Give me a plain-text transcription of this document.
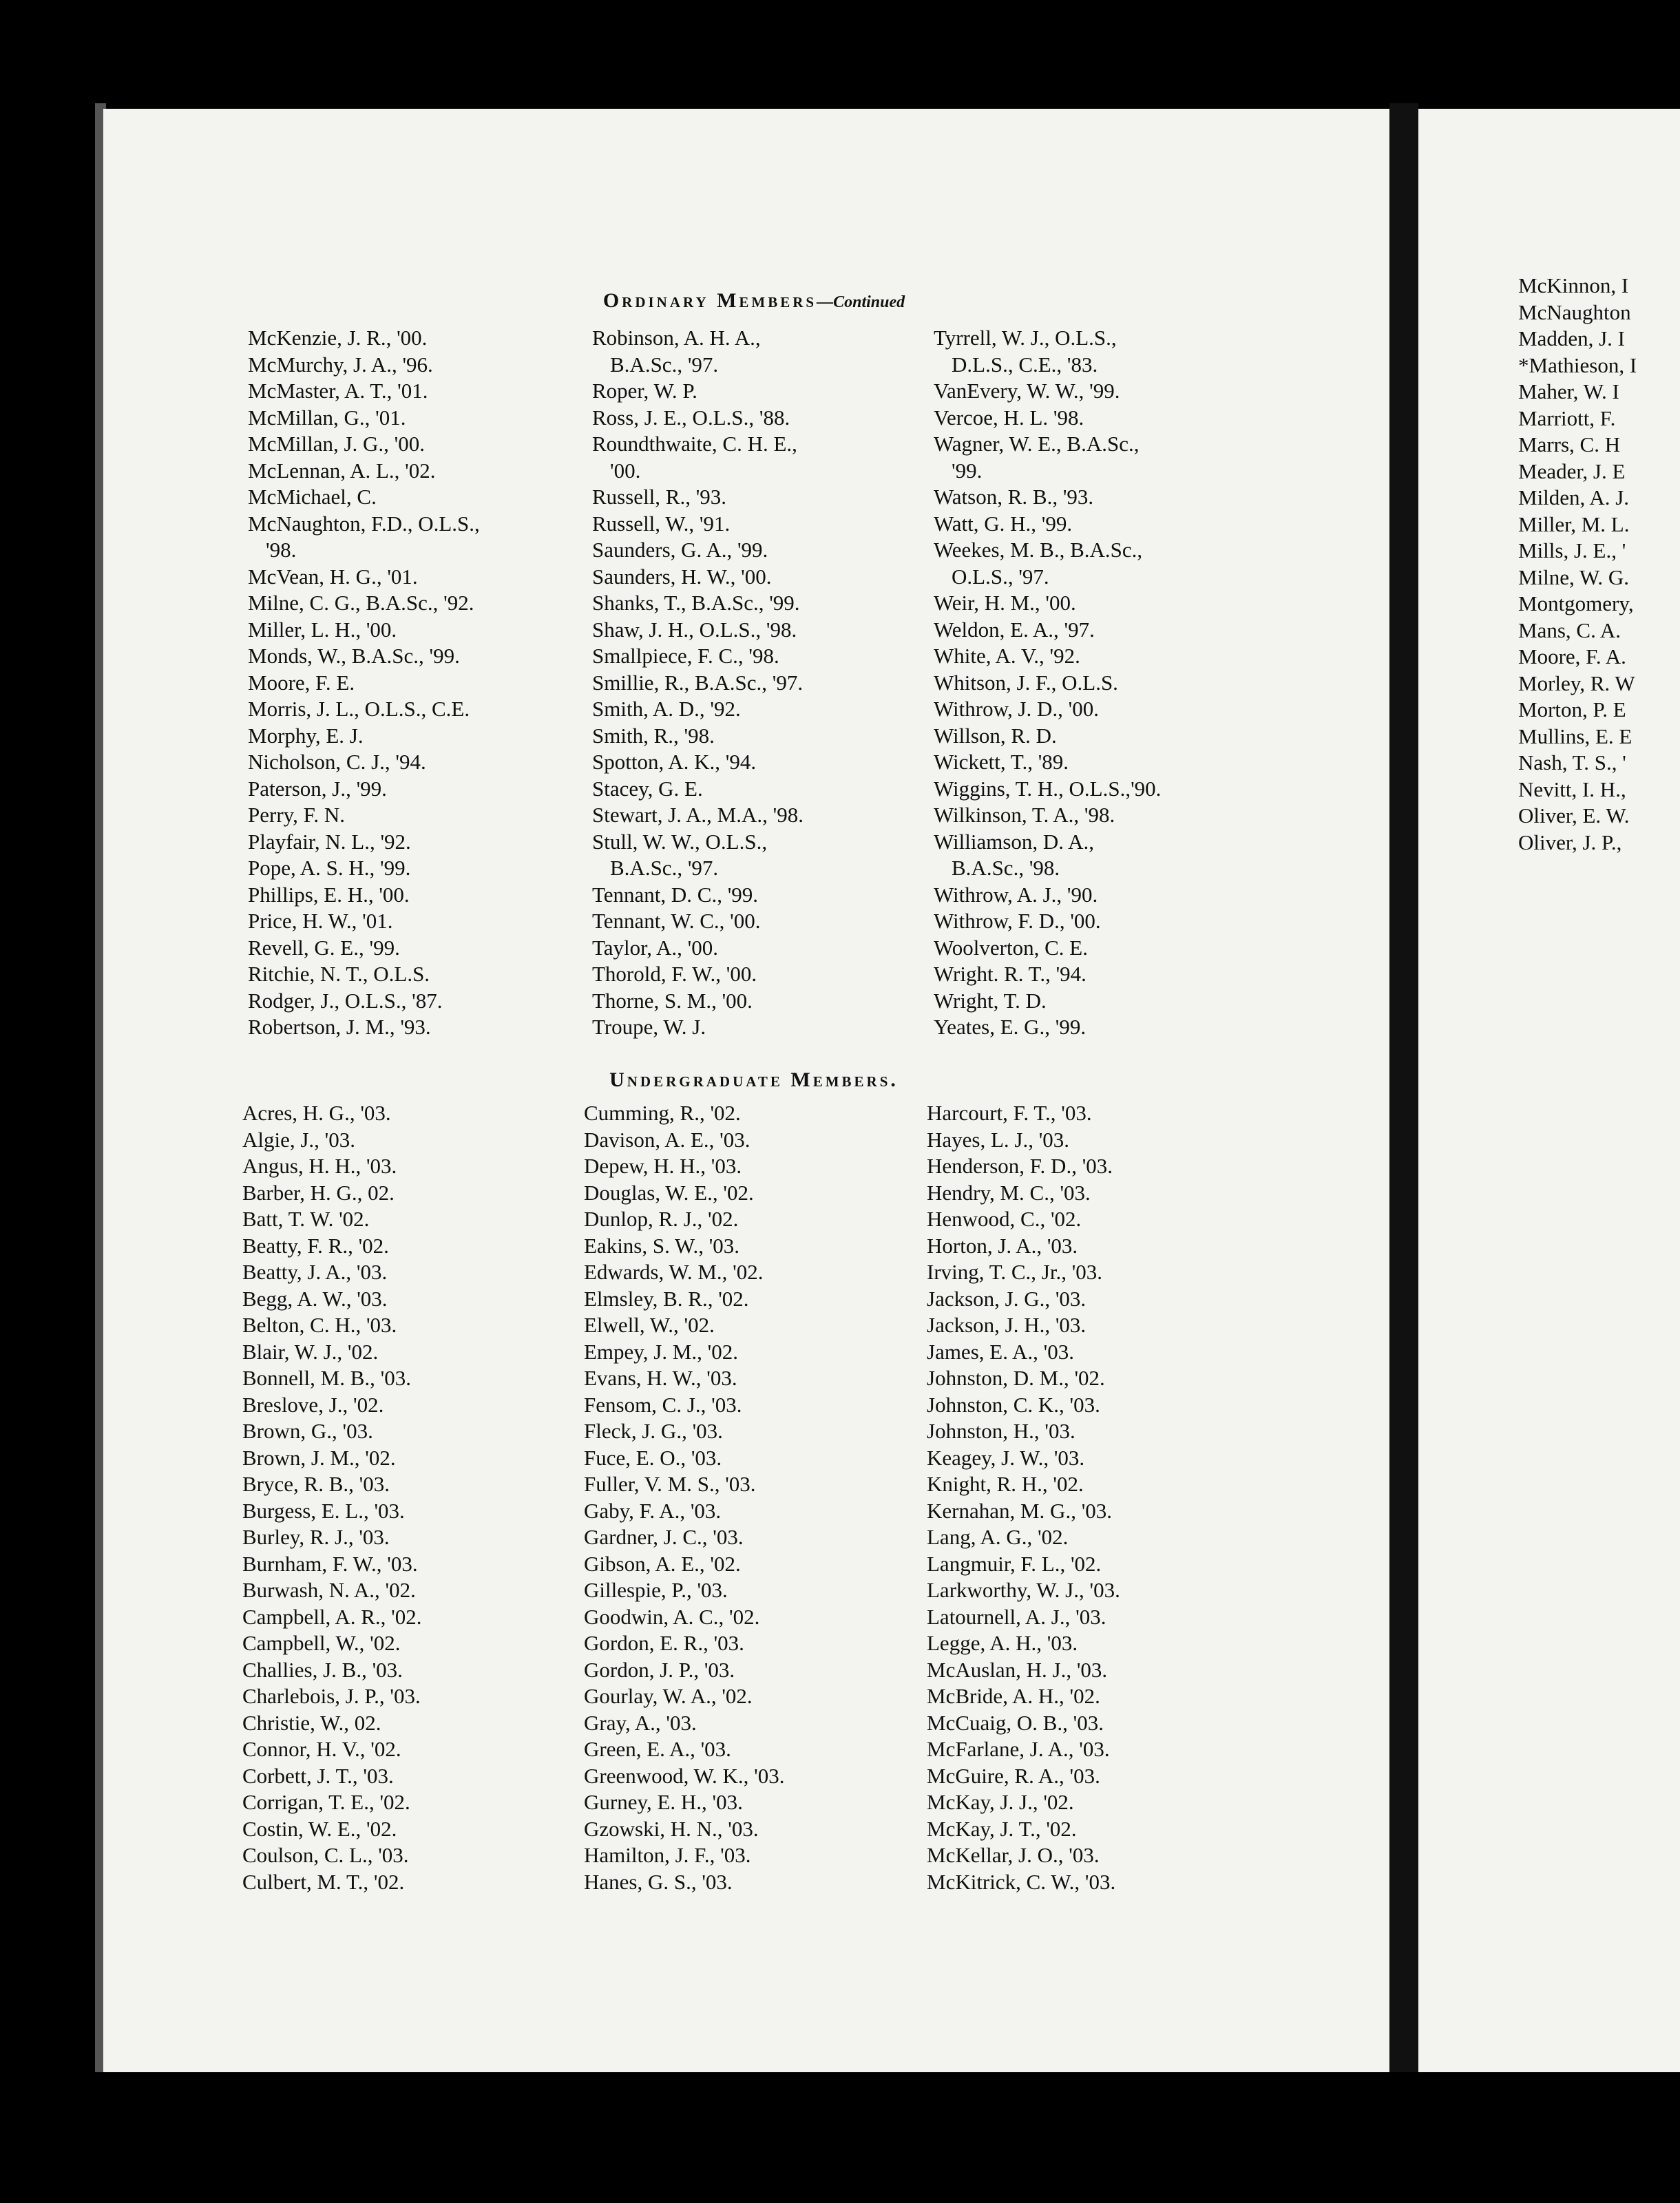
Ordinary Members—Continued
McKenzie, J. R., '00.
McMurchy, J. A., '96.
McMaster, A. T., '01.
McMillan, G., '01.
McMillan, J. G., '00.
McLennan, A. L., '02.
McMichael, C.
McNaughton, F.D., O.L.S.,
'98.
McVean, H. G., '01.
Milne, C. G., B.A.Sc., '92.
Miller, L. H., '00.
Monds, W., B.A.Sc., '99.
Moore, F. E.
Morris, J. L., O.L.S., C.E.
Morphy, E. J.
Nicholson, C. J., '94.
Paterson, J., '99.
Perry, F. N.
Playfair, N. L., '92.
Pope, A. S. H., '99.
Phillips, E. H., '00.
Price, H. W., '01.
Revell, G. E., '99.
Ritchie, N. T., O.L.S.
Rodger, J., O.L.S., '87.
Robertson, J. M., '93.
Robinson, A. H. A.,
B.A.Sc., '97.
Roper, W. P.
Ross, J. E., O.L.S., '88.
Roundthwaite, C. H. E.,
'00.
Russell, R., '93.
Russell, W., '91.
Saunders, G. A., '99.
Saunders, H. W., '00.
Shanks, T., B.A.Sc., '99.
Shaw, J. H., O.L.S., '98.
Smallpiece, F. C., '98.
Smillie, R., B.A.Sc., '97.
Smith, A. D., '92.
Smith, R., '98.
Spotton, A. K., '94.
Stacey, G. E.
Stewart, J. A., M.A., '98.
Stull, W. W., O.L.S.,
B.A.Sc., '97.
Tennant, D. C., '99.
Tennant, W. C., '00.
Taylor, A., '00.
Thorold, F. W., '00.
Thorne, S. M., '00.
Troupe, W. J.
Tyrrell, W. J., O.L.S.,
D.L.S., C.E., '83.
VanEvery, W. W., '99.
Vercoe, H. L. '98.
Wagner, W. E., B.A.Sc.,
'99.
Watson, R. B., '93.
Watt, G. H., '99.
Weekes, M. B., B.A.Sc.,
O.L.S., '97.
Weir, H. M., '00.
Weldon, E. A., '97.
White, A. V., '92.
Whitson, J. F., O.L.S.
Withrow, J. D., '00.
Willson, R. D.
Wickett, T., '89.
Wiggins, T. H., O.L.S.,'90.
Wilkinson, T. A., '98.
Williamson, D. A.,
B.A.Sc., '98.
Withrow, A. J., '90.
Withrow, F. D., '00.
Woolverton, C. E.
Wright. R. T., '94.
Wright, T. D.
Yeates, E. G., '99.
Undergraduate Members.
Acres, H. G., '03.
Algie, J., '03.
Angus, H. H., '03.
Barber, H. G., 02.
Batt, T. W. '02.
Beatty, F. R., '02.
Beatty, J. A., '03.
Begg, A. W., '03.
Belton, C. H., '03.
Blair, W. J., '02.
Bonnell, M. B., '03.
Breslove, J., '02.
Brown, G., '03.
Brown, J. M., '02.
Bryce, R. B., '03.
Burgess, E. L., '03.
Burley, R. J., '03.
Burnham, F. W., '03.
Burwash, N. A., '02.
Campbell, A. R., '02.
Campbell, W., '02.
Challies, J. B., '03.
Charlebois, J. P., '03.
Christie, W., 02.
Connor, H. V., '02.
Corbett, J. T., '03.
Corrigan, T. E., '02.
Costin, W. E., '02.
Coulson, C. L., '03.
Culbert, M. T., '02.
Cumming, R., '02.
Davison, A. E., '03.
Depew, H. H., '03.
Douglas, W. E., '02.
Dunlop, R. J., '02.
Eakins, S. W., '03.
Edwards, W. M., '02.
Elmsley, B. R., '02.
Elwell, W., '02.
Empey, J. M., '02.
Evans, H. W., '03.
Fensom, C. J., '03.
Fleck, J. G., '03.
Fuce, E. O., '03.
Fuller, V. M. S., '03.
Gaby, F. A., '03.
Gardner, J. C., '03.
Gibson, A. E., '02.
Gillespie, P., '03.
Goodwin, A. C., '02.
Gordon, E. R., '03.
Gordon, J. P., '03.
Gourlay, W. A., '02.
Gray, A., '03.
Green, E. A., '03.
Greenwood, W. K., '03.
Gurney, E. H., '03.
Gzowski, H. N., '03.
Hamilton, J. F., '03.
Hanes, G. S., '03.
Harcourt, F. T., '03.
Hayes, L. J., '03.
Henderson, F. D., '03.
Hendry, M. C., '03.
Henwood, C., '02.
Horton, J. A., '03.
Irving, T. C., Jr., '03.
Jackson, J. G., '03.
Jackson, J. H., '03.
James, E. A., '03.
Johnston, D. M., '02.
Johnston, C. K., '03.
Johnston, H., '03.
Keagey, J. W., '03.
Knight, R. H., '02.
Kernahan, M. G., '03.
Lang, A. G., '02.
Langmuir, F. L., '02.
Larkworthy, W. J., '03.
Latournell, A. J., '03.
Legge, A. H., '03.
McAuslan, H. J., '03.
McBride, A. H., '02.
McCuaig, O. B., '03.
McFarlane, J. A., '03.
McGuire, R. A., '03.
McKay, J. J., '02.
McKay, J. T., '02.
McKellar, J. O., '03.
McKitrick, C. W., '03.
McKinnon, I
McNaughton
Madden, J. I
*Mathieson, I
Maher, W. I
Marriott, F.
Marrs, C. H
Meader, J. E
Milden, A. J.
Miller, M. L.
Mills, J. E., '
Milne, W. G.
Montgomery,
Mans, C. A.
Moore, F. A.
Morley, R. W
Morton, P. E
Mullins, E. E
Nash, T. S., '
Nevitt, I. H.,
Oliver, E. W.
Oliver, J. P.,
